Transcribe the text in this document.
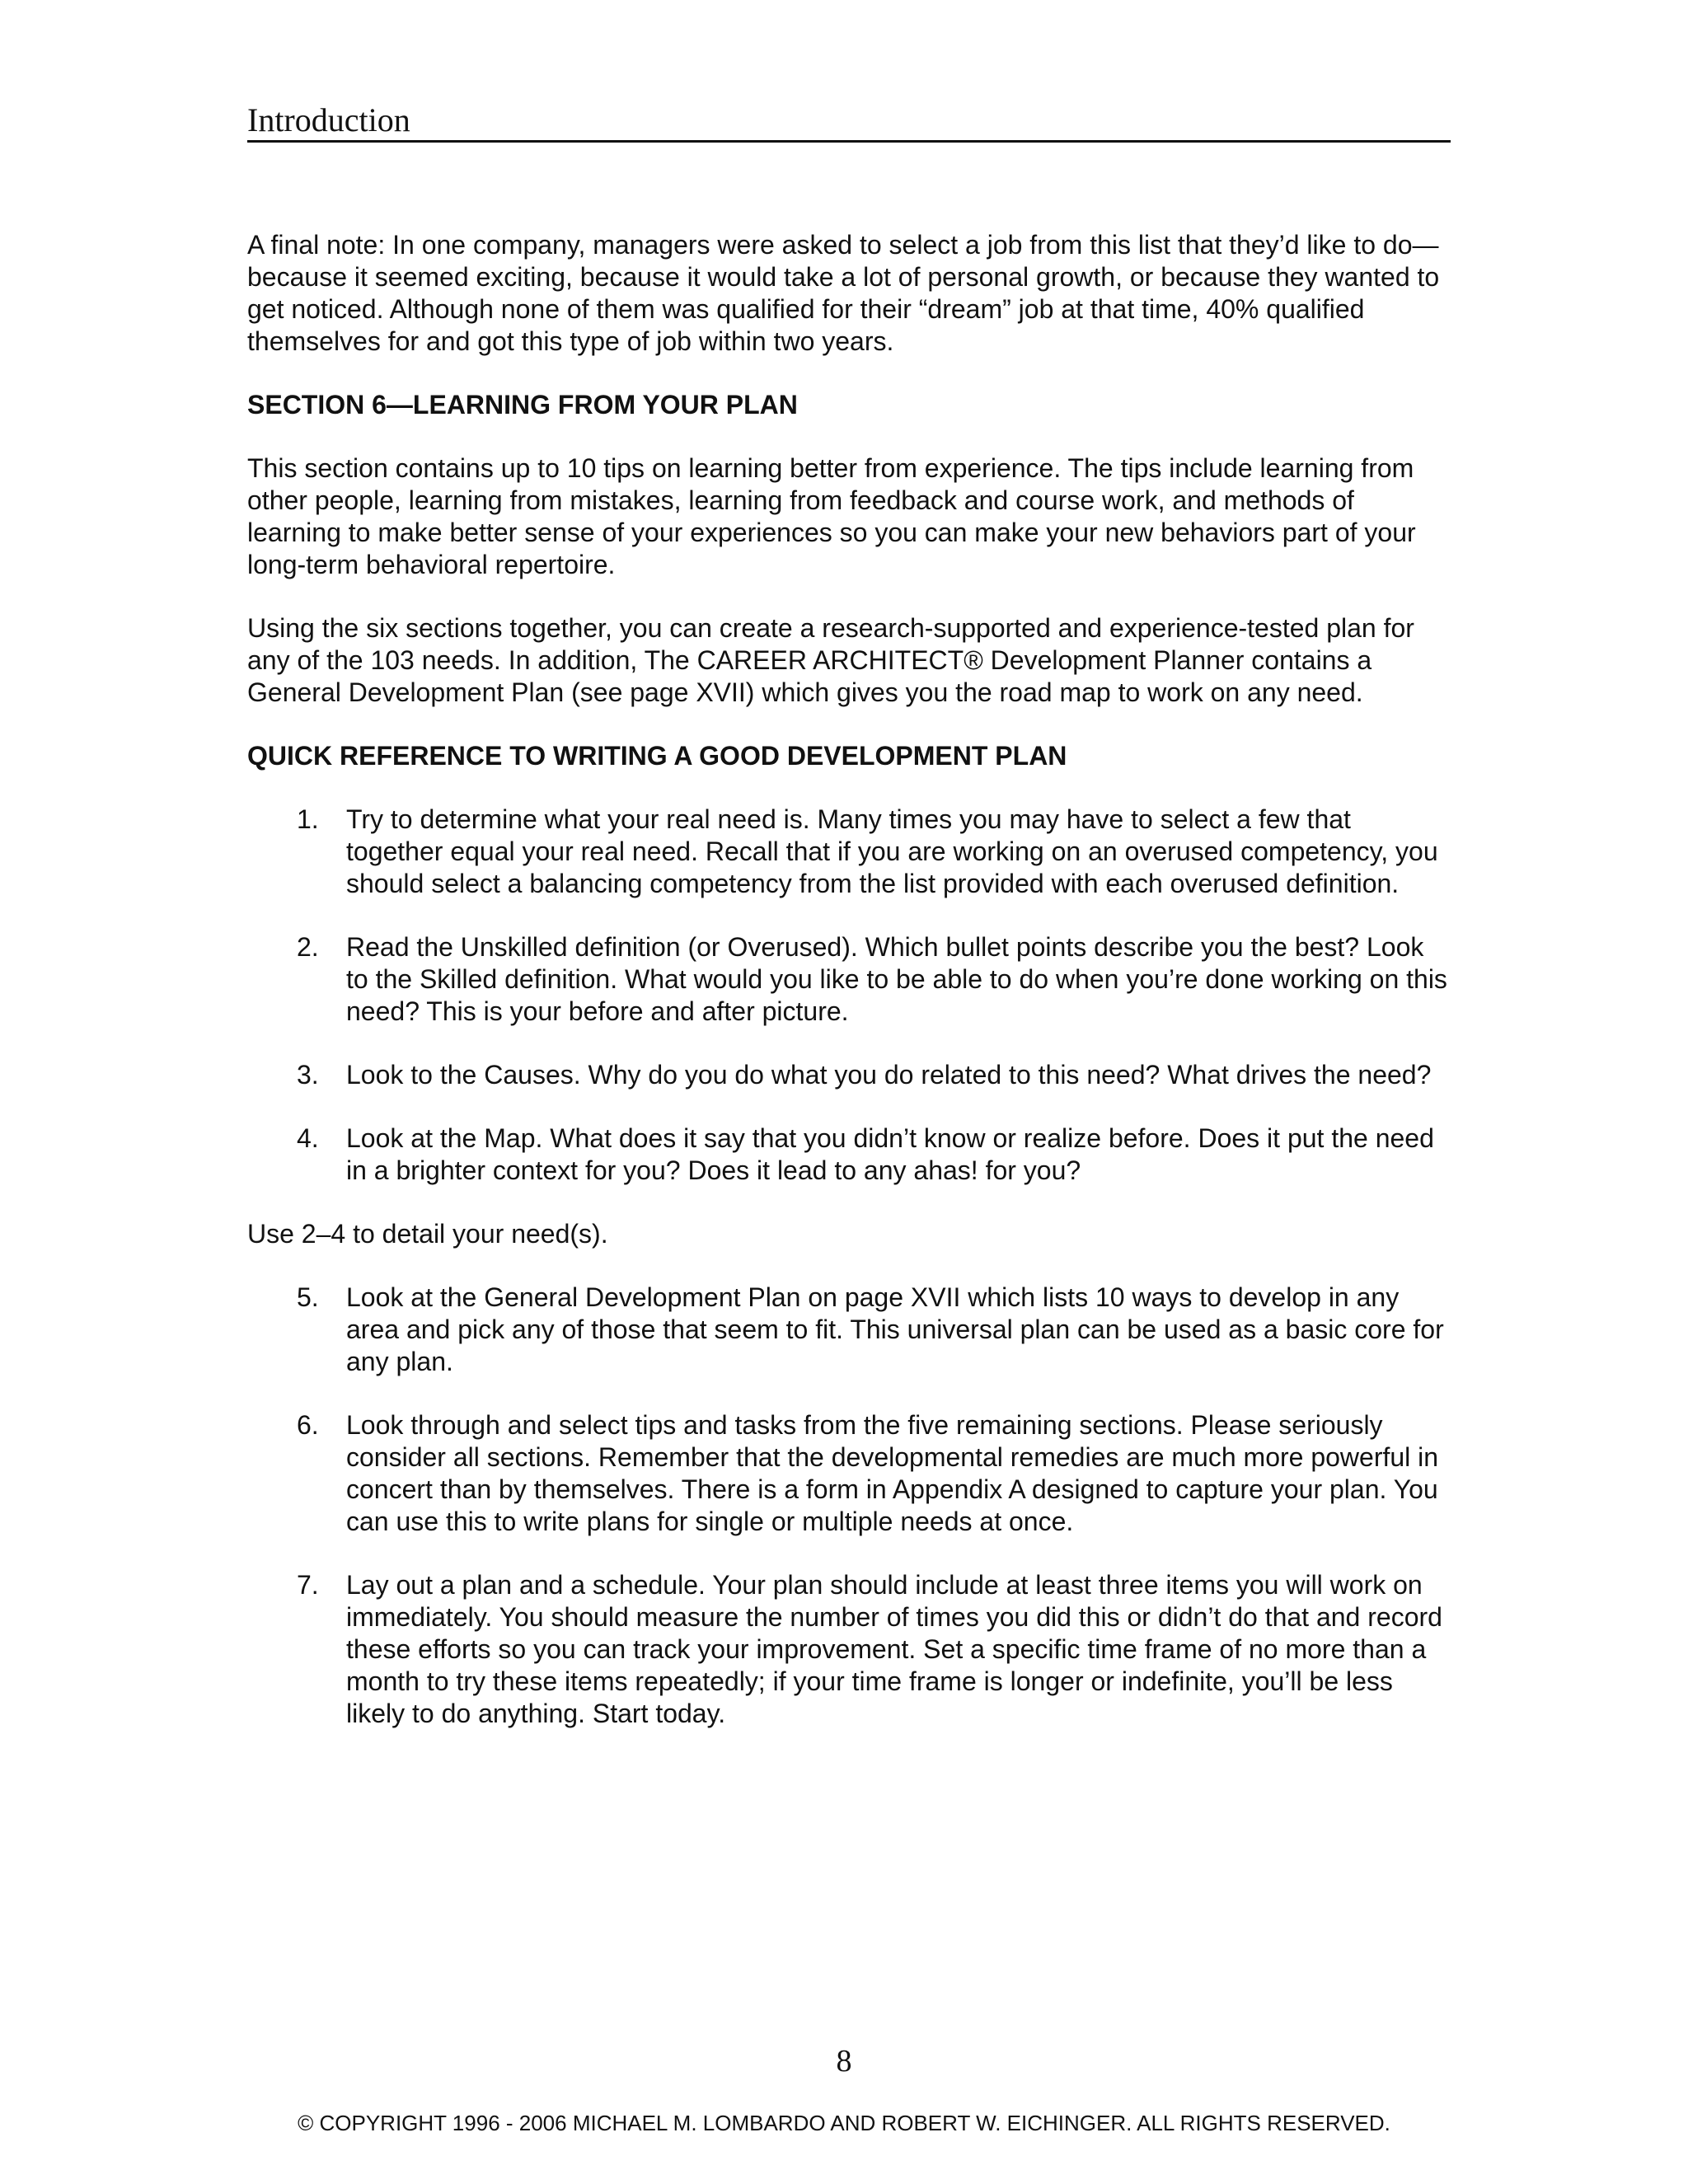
Introduction

A final note: In one company, managers were asked to select a job from this list that they’d like to do—because it seemed exciting, because it would take a lot of personal growth, or because they wanted to get noticed. Although none of them was qualified for their “dream” job at that time, 40% qualified themselves for and got this type of job within two years.

SECTION 6—LEARNING FROM YOUR PLAN

This section contains up to 10 tips on learning better from experience. The tips include learning from other people, learning from mistakes, learning from feedback and course work, and methods of learning to make better sense of your experiences so you can make your new behaviors part of your long-term behavioral repertoire.

Using the six sections together, you can create a research-supported and experience-tested plan for any of the 103 needs. In addition, The CAREER ARCHITECT® Development Planner contains a General Development Plan (see page XVII) which gives you the road map to work on any need.

QUICK REFERENCE TO WRITING A GOOD DEVELOPMENT PLAN
1. Try to determine what your real need is. Many times you may have to select a few that together equal your real need. Recall that if you are working on an overused competency, you should select a balancing competency from the list provided with each overused definition.
2. Read the Unskilled definition (or Overused). Which bullet points describe you the best? Look to the Skilled definition. What would you like to be able to do when you’re done working on this need? This is your before and after picture.
3. Look to the Causes. Why do you do what you do related to this need? What drives the need?
4. Look at the Map. What does it say that you didn’t know or realize before. Does it put the need in a brighter context for you? Does it lead to any ahas! for you?

Use 2–4 to detail your need(s).

5. Look at the General Development Plan on page XVII which lists 10 ways to develop in any area and pick any of those that seem to fit. This universal plan can be used as a basic core for any plan.
6. Look through and select tips and tasks from the five remaining sections. Please seriously consider all sections. Remember that the developmental remedies are much more powerful in concert than by themselves. There is a form in Appendix A designed to capture your plan. You can use this to write plans for single or multiple needs at once.
7. Lay out a plan and a schedule. Your plan should include at least three items you will work on immediately. You should measure the number of times you did this or didn’t do that and record these efforts so you can track your improvement. Set a specific time frame of no more than a month to try these items repeatedly; if your time frame is longer or indefinite, you’ll be less likely to do anything. Start today.
8
© COPYRIGHT 1996 - 2006 MICHAEL M. LOMBARDO AND ROBERT W. EICHINGER. ALL RIGHTS RESERVED.
